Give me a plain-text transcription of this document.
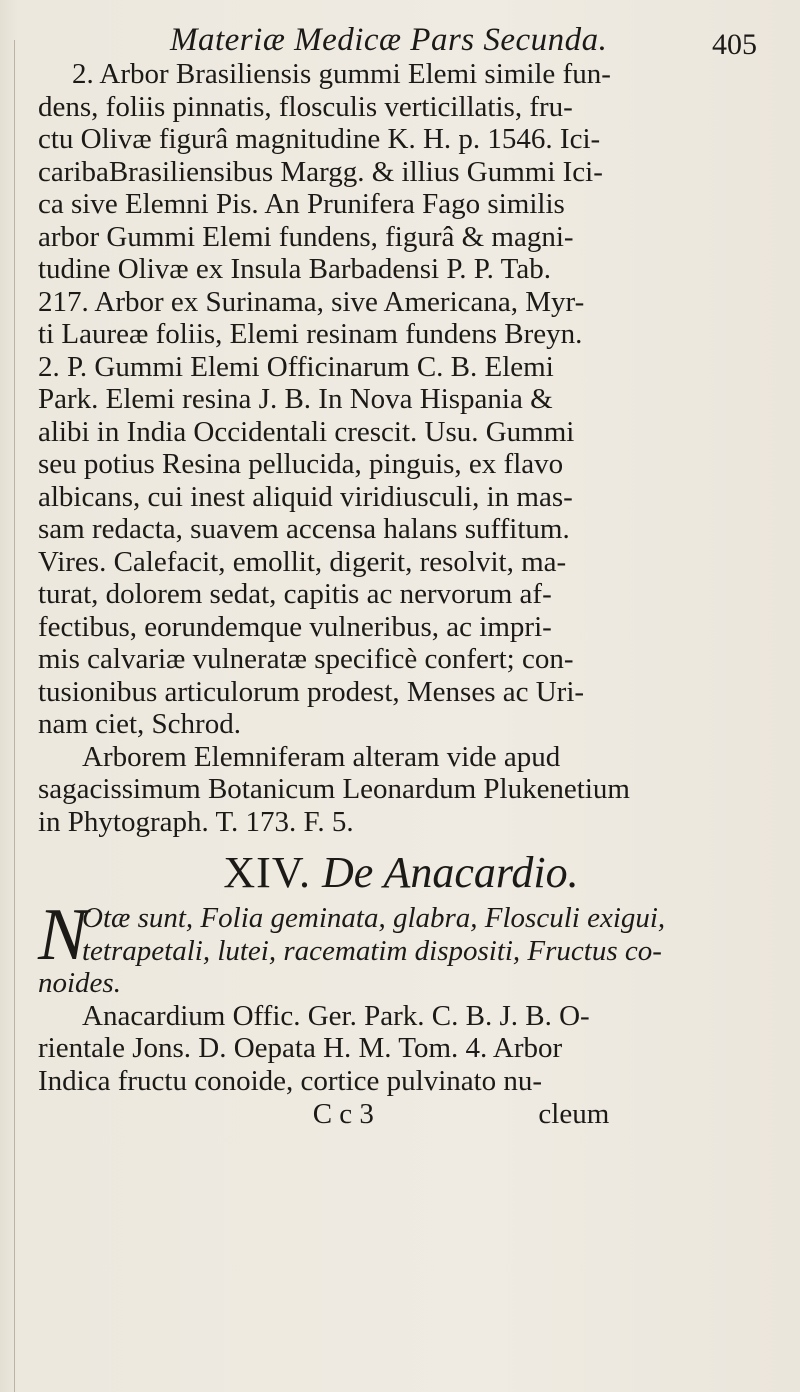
Materiæ Medicæ Pars Secunda.	405
2. Arbor Brasiliensis gummi Elemi simile fun-
dens, foliis pinnatis, flosculis verticillatis, fru-
ctu Olivæ figurâ magnitudine K. H. p. 1546. Ici-
caribaBrasiliensibus Margg. & illius Gummi Ici-
ca sive Elemni Pis. An Prunifera Fago similis
arbor Gummi Elemi fundens, figurâ & magni-
tudine Olivæ ex Insula Barbadensi P. P. Tab.
217. Arbor ex Surinama, sive Americana, Myr-
ti Laureæ foliis, Elemi resinam fundens Breyn.
2. P. Gummi Elemi Officinarum C. B. Elemi
Park. Elemi resina J. B. In Nova Hispania &
alibi in India Occidentali crescit. Usu. Gummi
seu potius Resina pellucida, pinguis, ex flavo
albicans, cui inest aliquid viridiusculi, in mas-
sam redacta, suavem accensa halans suffitum.
Vires. Calefacit, emollit, digerit, resolvit, ma-
turat, dolorem sedat, capitis ac nervorum af-
fectibus, eorundemque vulneribus, ac impri-
mis calvariæ vulneratæ specificè confert; con-
tusionibus articulorum prodest, Menses ac Uri-
nam ciet, Schrod.
Arborem Elemniferam alteram vide apud
sagacissimum Botanicum Leonardum Plukenetium
in Phytograph. T. 173. F. 5.
XIV. De Anacardio.
N
Otæ sunt, Folia geminata, glabra, Flosculi exigui,
tetrapetali, lutei, racematim dispositi, Fructus co-
noides.
Anacardium Offic. Ger. Park. C. B. J. B. O-
rientale Jons. D. Oepata H. M. Tom. 4. Arbor
Indica fructu conoide, cortice pulvinato nu-
C c 3	cleum
